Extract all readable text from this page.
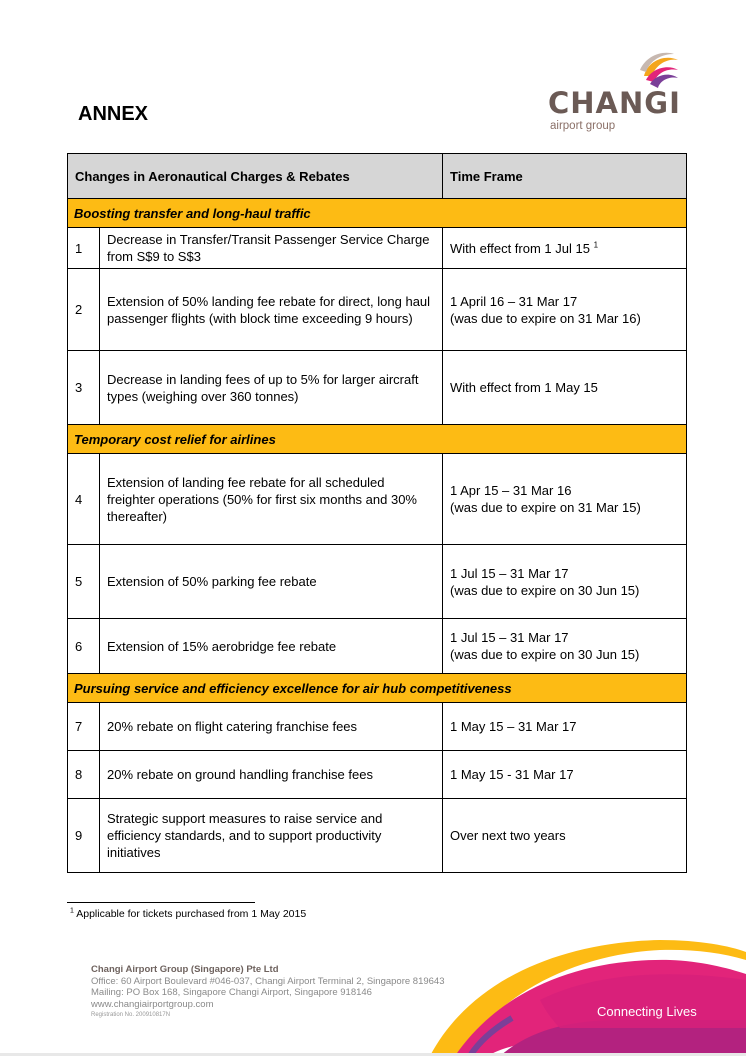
ANNEX	CHANGI
airport group
Changes in Aeronautical Charges & Rebates		Time Frame
Boosting transfer and long-haul traffic		
1	Decrease in Transfer/Transit Passenger Service Charge from S$9 to S$3	With effect from 1 Jul 15 $^1$
2	Extension of 50% landing fee rebate for direct, long haul passenger flights (with block time exceeding 9 hours)	1 April 16 – 31 Mar 17
(was due to expire on 31 Mar 16)

3	Decrease in landing fees of up to 5% for larger aircraft types (weighing over 360 tonnes)	With effect from 1 May 15
Temporary cost relief for airlines		
4	Extension of landing fee rebate for all scheduled freighter operations (50% for first six months and 30% thereafter)	1 Apr 15 – 31 Mar 16
(was due to expire on 31 Mar 15)

5	Extension of 50% parking fee rebate	1 Jul 15 – 31 Mar 17
(was due to expire on 30 Jun 15)

6	Extension of 15% aerobridge fee rebate	1 Jul 15 – 31 Mar 17
(was due to expire on 30 Jun 15)

Pursuing service and efficiency excellence for air hub competitiveness		
7	20% rebate on flight catering franchise fees	1 May 15 – 31 Mar 17
8	20% rebate on ground handling franchise fees	1 May 15 - 31 Mar 17
9	Strategic support measures to raise service and efficiency standards, and to support productivity initiatives	Over next two years
$^1$ Applicable for tickets purchased from 1 May 2015
Connecting Lives
Changi Airport Group (Singapore) Pte Ltd
Office: 60 Airport Boulevard #046-037, Changi Airport Terminal 2, Singapore 819643
Mailing: PO Box 168, Singapore Changi Airport, Singapore 918146
www.changiairportgroup.com
Registration No. 200910817N
